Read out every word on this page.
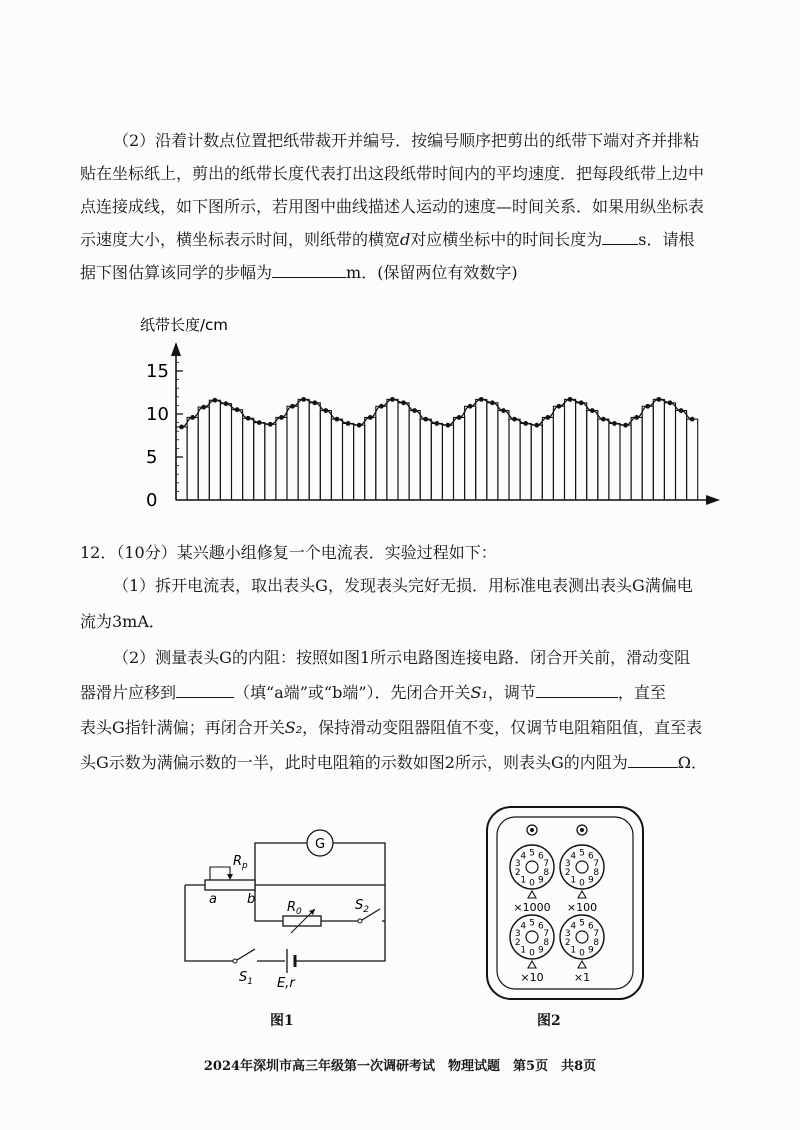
（2）沿着计数点位置把纸带裁开并编号．按编号顺序把剪出的纸带下端对齐并排粘
贴在坐标纸上，剪出的纸带长度代表打出这段纸带时间内的平均速度．把每段纸带上边中
点连接成线，如下图所示，若用图中曲线描述人运动的速度—时间关系．如果用纵坐标表
示速度大小，横坐标表示时间，则纸带的横宽d对应横坐标中的时间长度为 s．请根
据下图估算该同学的步幅为	m．(保留两位有效数字)
纸带长度/cm
0
5
10
15
12．（10分）某兴趣小组修复一个电流表．实验过程如下：
（1）拆开电流表，取出表头G，发现表头完好无损．用标准电表测出表头G满偏电
流为3mA．
（2）测量表头G的内阻：按照如图1所示电路图连接电路．闭合开关前，滑动变阻
器滑片应移到	（填“a端”或“b端”）．先闭合开关S₁，调节	，直至
表头G指针满偏；再闭合开关S₂，保持滑动变阻器阻值不变，仅调节电阻箱阻值，直至表
头G示数为满偏示数的一半，此时电阻箱的示数如图2所示，则表头G的内阻为	Ω．
$R_p$
a b
G
$R_0$	$S_2$
$S_1$ E,r
图1
0
1
2
3
4 5 6
7
8
9
×1000
0
1
2
3
4 5 6
7
8
9
×100
0
1
2
3
4 5 6
7
8
9
×10
0
1
2
3
4 5 6
7
8
9
×1
图2
2024年深圳市高三年级第一次调研考试　物理试题　第5页　共8页
